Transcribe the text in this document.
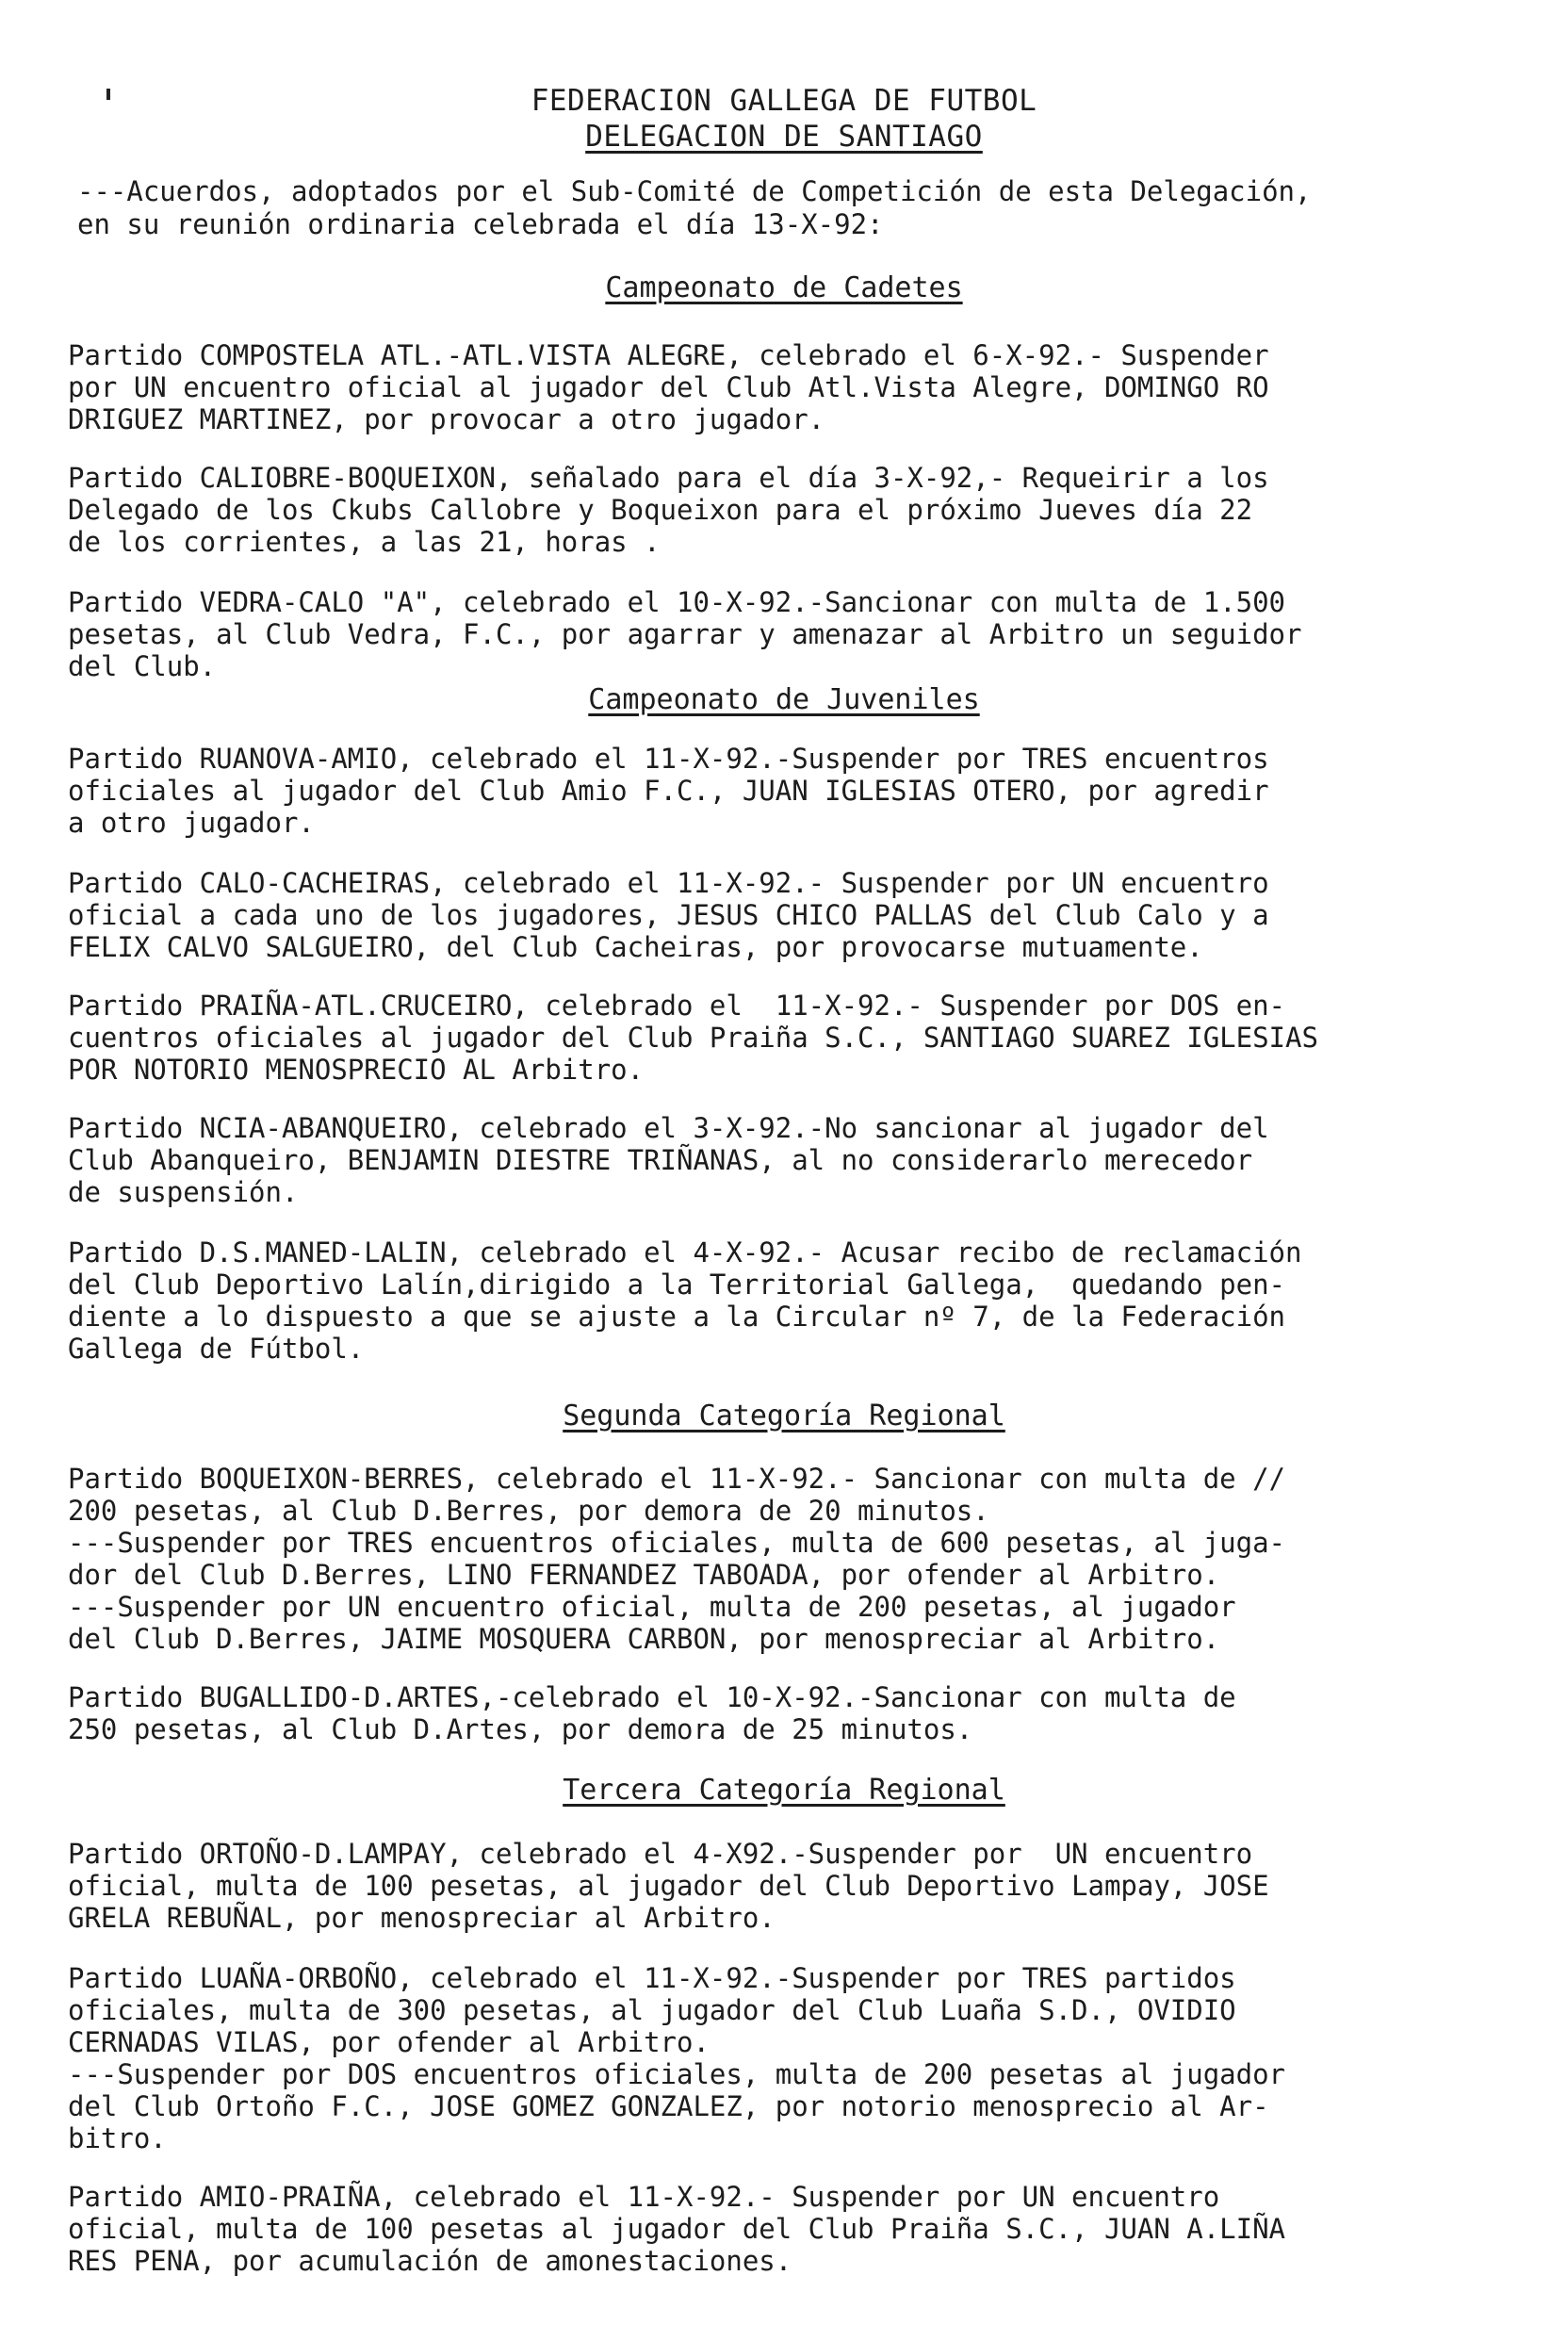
FEDERACION GALLEGA DE FUTBOL
DELEGACION DE SANTIAGO
---Acuerdos, adoptados por el Sub-Comité de Competición de esta Delegación,
en su reunión ordinaria celebrada el día 13-X-92:
Campeonato de Cadetes
Partido COMPOSTELA ATL.-ATL.VISTA ALEGRE, celebrado el 6-X-92.- Suspender
por UN encuentro oficial al jugador del Club Atl.Vista Alegre, DOMINGO RO
DRIGUEZ MARTINEZ, por provocar a otro jugador.
Partido CALIOBRE-BOQUEIXON, señalado para el día 3-X-92,- Requeirir a los
Delegado de los Ckubs Callobre y Boqueixon para el próximo Jueves día 22
de los corrientes, a las 21, horas .
Partido VEDRA-CALO "A", celebrado el 10-X-92.-Sancionar con multa de 1.500
pesetas, al Club Vedra, F.C., por agarrar y amenazar al Arbitro un seguidor
del Club.
Campeonato de Juveniles
Partido RUANOVA-AMIO, celebrado el 11-X-92.-Suspender por TRES encuentros
oficiales al jugador del Club Amio F.C., JUAN IGLESIAS OTERO, por agredir
a otro jugador.
Partido CALO-CACHEIRAS, celebrado el 11-X-92.- Suspender por UN encuentro
oficial a cada uno de los jugadores, JESUS CHICO PALLAS del Club Calo y a
FELIX CALVO SALGUEIRO, del Club Cacheiras, por provocarse mutuamente.
Partido PRAIÑA-ATL.CRUCEIRO, celebrado el  11-X-92.- Suspender por DOS en-
cuentros oficiales al jugador del Club Praiña S.C., SANTIAGO SUAREZ IGLESIAS
POR NOTORIO MENOSPRECIO AL Arbitro.
Partido NCIA-ABANQUEIRO, celebrado el 3-X-92.-No sancionar al jugador del
Club Abanqueiro, BENJAMIN DIESTRE TRIÑANAS, al no considerarlo merecedor
de suspensión.
Partido D.S.MANED-LALIN, celebrado el 4-X-92.- Acusar recibo de reclamación
del Club Deportivo Lalín,dirigido a la Territorial Gallega,  quedando pen-
diente a lo dispuesto a que se ajuste a la Circular nº 7, de la Federación
Gallega de Fútbol.
Segunda Categoría Regional
Partido BOQUEIXON-BERRES, celebrado el 11-X-92.- Sancionar con multa de //
200 pesetas, al Club D.Berres, por demora de 20 minutos.
---Suspender por TRES encuentros oficiales, multa de 600 pesetas, al juga-
dor del Club D.Berres, LINO FERNANDEZ TABOADA, por ofender al Arbitro.
---Suspender por UN encuentro oficial, multa de 200 pesetas, al jugador
del Club D.Berres, JAIME MOSQUERA CARBON, por menospreciar al Arbitro.
Partido BUGALLIDO-D.ARTES,-celebrado el 10-X-92.-Sancionar con multa de
250 pesetas, al Club D.Artes, por demora de 25 minutos.
Tercera Categoría Regional
Partido ORTOÑO-D.LAMPAY, celebrado el 4-X92.-Suspender por  UN encuentro
oficial, multa de 100 pesetas, al jugador del Club Deportivo Lampay, JOSE
GRELA REBUÑAL, por menospreciar al Arbitro.
Partido LUAÑA-ORBOÑO, celebrado el 11-X-92.-Suspender por TRES partidos
oficiales, multa de 300 pesetas, al jugador del Club Luaña S.D., OVIDIO
CERNADAS VILAS, por ofender al Arbitro.
---Suspender por DOS encuentros oficiales, multa de 200 pesetas al jugador
del Club Ortoño F.C., JOSE GOMEZ GONZALEZ, por notorio menosprecio al Ar-
bitro.
Partido AMIO-PRAIÑA, celebrado el 11-X-92.- Suspender por UN encuentro
oficial, multa de 100 pesetas al jugador del Club Praiña S.C., JUAN A.LIÑA
RES PENA, por acumulación de amonestaciones.
